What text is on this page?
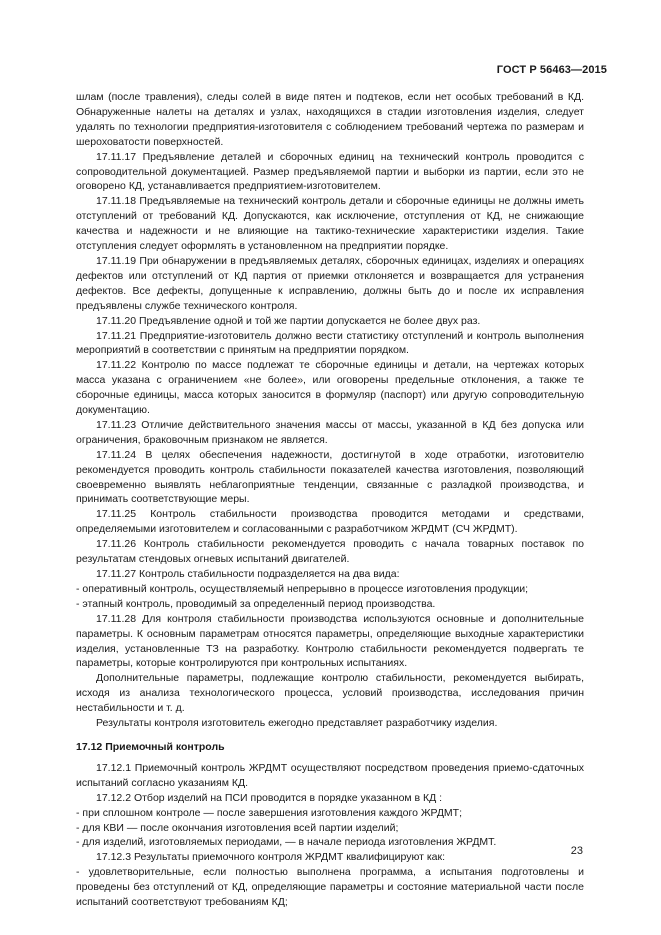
ГОСТ Р 56463—2015

шлам (после травления), следы солей в виде пятен и подтеков, если нет особых требований в КД. Обнаруженные налеты на деталях и узлах, находящихся в стадии изготовления изделия, следует удалять по технологии предприятия-изготовителя с соблюдением требований чертежа по размерам и шероховатости поверхностей.

17.11.17 Предъявление деталей и сборочных единиц на технический контроль проводится с сопроводительной документацией. Размер предъявляемой партии и выборки из партии, если это не оговорено КД, устанавливается предприятием-изготовителем.

17.11.18 Предъявляемые на технический контроль детали и сборочные единицы не должны иметь отступлений от требований КД. Допускаются, как исключение, отступления от КД, не снижающие качества и надежности и не влияющие на тактико-технические характеристики изделия. Такие отступления следует оформлять в установленном на предприятии порядке.

17.11.19 При обнаружении в предъявляемых деталях, сборочных единицах, изделиях и операциях дефектов или отступлений от КД партия от приемки отклоняется и возвращается для устранения дефектов. Все дефекты, допущенные к исправлению, должны быть до и после их исправления предъявлены службе технического контроля.

17.11.20 Предъявление одной и той же партии допускается не более двух раз.

17.11.21 Предприятие-изготовитель должно вести статистику отступлений и контроль выполнения мероприятий в соответствии с принятым на предприятии порядком.

17.11.22 Контролю по массе подлежат те сборочные единицы и детали, на чертежах которых масса указана с ограничением «не более», или оговорены предельные отклонения, а также те сборочные единицы, масса которых заносится в формуляр (паспорт) или другую сопроводительную документацию.

17.11.23 Отличие действительного значения массы от массы, указанной в КД без допуска или ограничения, браковочным признаком не является.

17.11.24 В целях обеспечения надежности, достигнутой в ходе отработки, изготовителю рекомендуется проводить контроль стабильности показателей качества изготовления, позволяющий своевременно выявлять неблагоприятные тенденции, связанные с разладкой производства, и принимать соответствующие меры.

17.11.25 Контроль стабильности производства проводится методами и средствами, определяемыми изготовителем и согласованными с разработчиком ЖРДМТ (СЧ ЖРДМТ).

17.11.26 Контроль стабильности рекомендуется проводить с начала товарных поставок по результатам стендовых огневых испытаний двигателей.

17.11.27 Контроль стабильности подразделяется на два вида:

- оперативный контроль, осуществляемый непрерывно в процессе изготовления продукции;

- этапный контроль, проводимый за определенный период производства.

17.11.28 Для контроля стабильности производства используются основные и дополнительные параметры. К основным параметрам относятся параметры, определяющие выходные характеристики изделия, установленные ТЗ на разработку. Контролю стабильности рекомендуется подвергать те параметры, которые контролируются при контрольных испытаниях.

Дополнительные параметры, подлежащие контролю стабильности, рекомендуется выбирать, исходя из анализа технологического процесса, условий производства, исследования причин нестабильности и т. д.

Результаты контроля изготовитель ежегодно представляет разработчику изделия.

17.12 Приемочный контроль

17.12.1 Приемочный контроль ЖРДМТ осуществляют посредством проведения приемо-сдаточных испытаний согласно указаниям КД.

17.12.2 Отбор изделий на ПСИ проводится в порядке указанном в КД :

- при сплошном контроле — после завершения изготовления каждого ЖРДМТ;

- для КВИ — после окончания изготовления всей партии изделий;

- для изделий, изготовляемых периодами, — в начале периода изготовления ЖРДМТ.

17.12.3 Результаты приемочного контроля ЖРДМТ квалифицируют как:

- удовлетворительные, если полностью выполнена программа, а испытания подготовлены и проведены без отступлений от КД, определяющие параметры и состояние материальной части после испытаний соответствуют требованиям КД;

23
